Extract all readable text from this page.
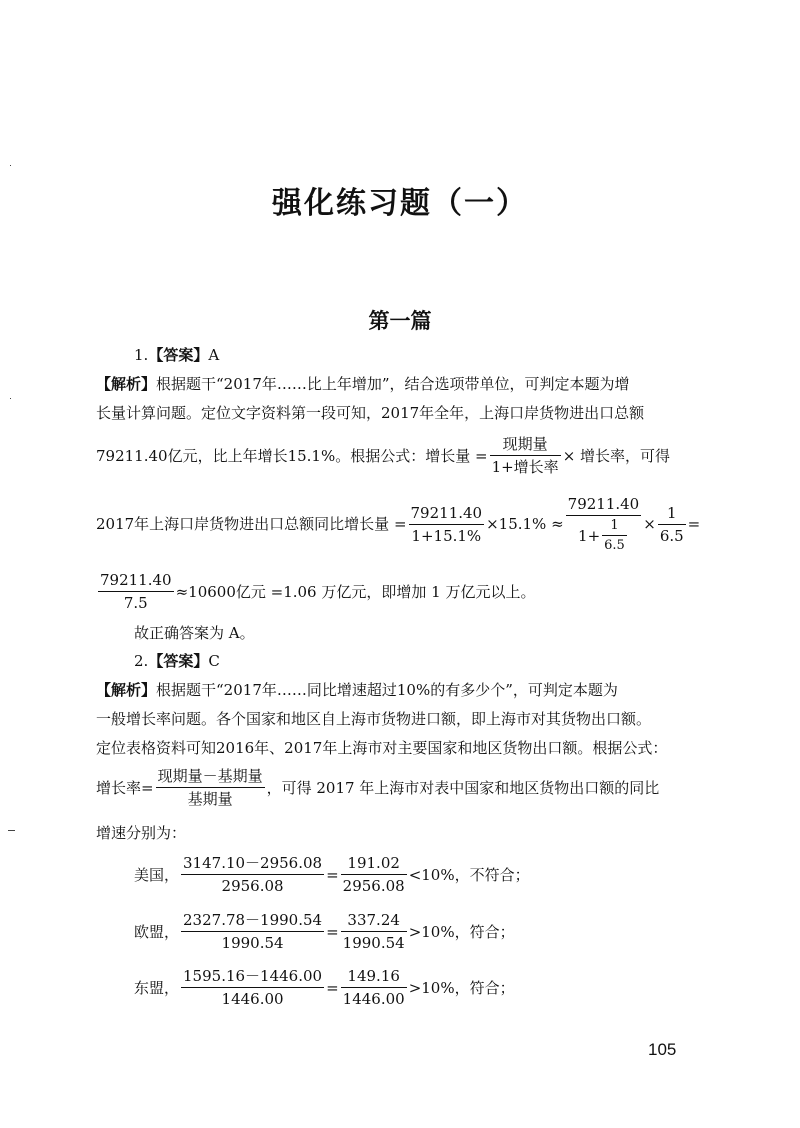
强化练习题（一）
第一篇
1.【答案】A
【解析】根据题干“2017年……比上年增加”，结合选项带单位，可判定本题为增
长量计算问题。定位文字资料第一段可知，2017年全年，上海口岸货物进出口总额
79211.40亿元，比上年增长15.1%。根据公式：增长量 = $\frac{\text{现期量}}{\text{1+增长率}}$ × 增长率，可得
2017年上海口岸货物进出口总额同比增长量 = $\frac{79211.40}{1+15.1\%} \times 15.1\% \approx \frac{79211.40}{1+ \frac{1}{6.5}} \times \frac{1}{6.5}$ =
$\frac{79211.40}{7.5} \approx 10600$亿元 =1.06 万亿元，即增加 1 万亿元以上。
故正确答案为 A。
2.【答案】C
【解析】根据题干“2017年……同比增速超过10%的有多少个”，可判定本题为
一般增长率问题。各个国家和地区自上海市货物进口额，即上海市对其货物出口额。
定位表格资料可知2016年、2017年上海市对主要国家和地区货物出口额。根据公式：
增长率= $\frac{\text{现期量－基期量}}{\text{基期量}}$ ，可得 2017 年上海市对表中国家和地区货物出口额的同比
增速分别为：
美国， $\frac{3147.10-2956.08}{2956.08} = \frac{191.02}{2956.08} <10\%$，不符合；
欧盟， $\frac{2327.78-1990.54}{1990.54} = \frac{337.24}{1990.54} >10\%$，符合；
东盟， $\frac{1595.16-1446.00}{1446.00} = \frac{149.16}{1446.00} >10\%$，符合；
105
